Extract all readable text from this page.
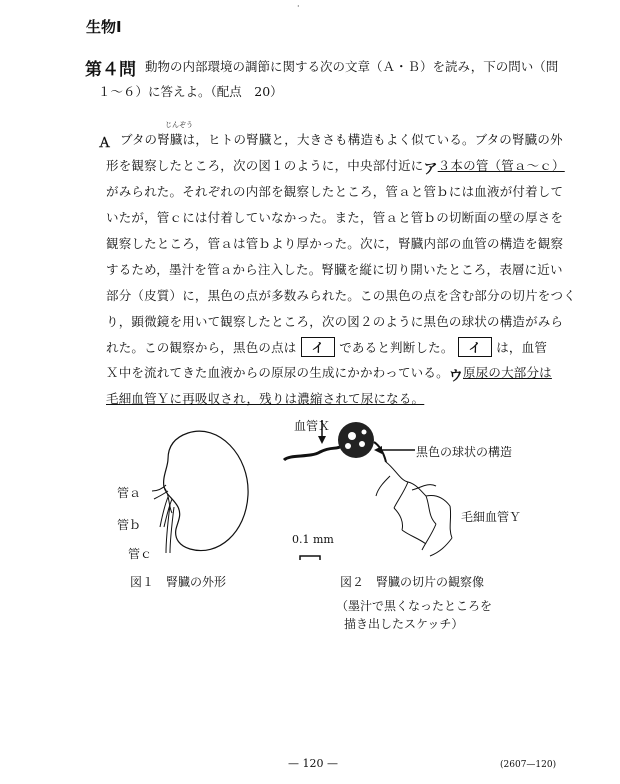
·
生物Ⅰ
第４問 動物の内部環境の調節に関する次の文章（Ａ・Ｂ）を読み，下の問い（問
１～６）に答えよ。（配点　20）
Ａ
じんぞう
ブタの腎臓は，ヒトの腎臓と，大きさも構造もよく似ている。ブタの腎臓の外
形を観察したところ，次の図１のように，中央部付近に$_ア$３本の管（管ａ～ｃ）
がみられた。それぞれの内部を観察したところ，管ａと管ｂには血液が付着して
いたが，管ｃには付着していなかった。また，管ａと管ｂの切断面の壁の厚さを
観察したところ，管ａは管ｂより厚かった。次に，腎臓内部の血管の構造を観察
するため，墨汁を管ａから注入した。腎臓を縦に切り開いたところ，表層に近い
部分（皮質）に，黒色の点が多数みられた。この黒色の点を含む部分の切片をつく
り，顕微鏡を用いて観察したところ，次の図２のように黒色の球状の構造がみら
れた。この観察から，黒色の点は イ であると判断した。 イ は，血管
Ｘ中を流れてきた血液からの原尿の生成にかかわっている。$_ウ$原尿の大部分は
毛細血管Ｙに再吸収され，残りは濃縮されて尿になる。
管ａ
管ｂ
管ｃ
図１　腎臓の外形
血管Ｘ
黒色の球状の構造
毛細血管Ｙ
0.1 mm
図２　腎臓の切片の観察像
（墨汁で黒くなったところを
描き出したスケッチ）
— 120 —	(2607—120)
